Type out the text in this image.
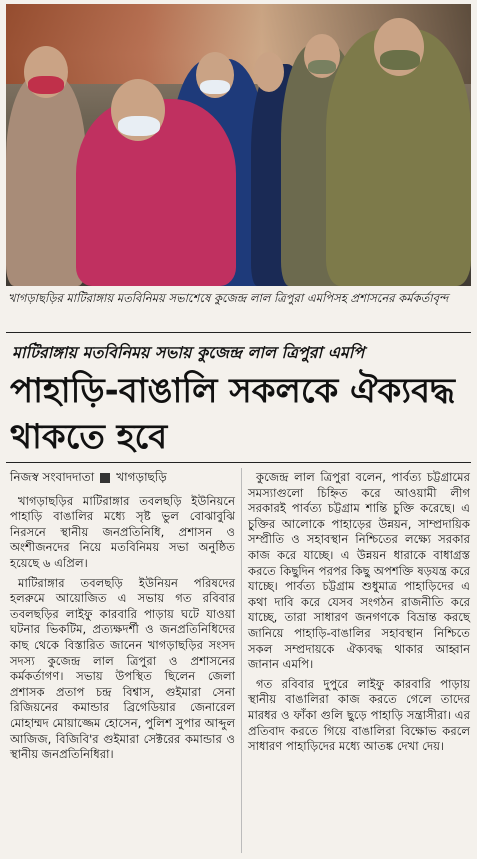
খাগড়াছড়ির মাটিরাঙ্গায় মতবিনিময় সভাশেষে কুজেন্দ্র লাল ত্রিপুরা এমপিসহ প্রশাসনের কর্মকর্তাবৃন্দ
মাটিরাঙ্গায় মতবিনিময় সভায় কুজেন্দ্র লাল ত্রিপুরা এমপি
পাহাড়ি-বাঙালি সকলকে ঐক্যবদ্ধ থাকতে হবে
নিজস্ব সংবাদদাতা খাগড়াছড়ি

খাগড়াছড়ির মাটিরাঙ্গার তবলছড়ি ইউনিয়নে পাহাড়ি বাঙালির মধ্যে সৃষ্ট ভুল বোঝাবুঝি নিরসনে স্থানীয় জনপ্রতিনিধি, প্রশাসন ও অংশীজনদের নিয়ে মতবিনিময় সভা অনুষ্ঠিত হয়েছে ৬ এপ্রিল।

মাটিরাঙ্গার তবলছড়ি ইউনিয়ন পরিষদের হলরুমে আয়োজিত এ সভায় গত রবিবার তবলছড়ির লাইফু কারবারি পাড়ায় ঘটে যাওয়া ঘটনার ভিকটিম, প্রত্যক্ষদর্শী ও জনপ্রতিনিধিদের কাছ থেকে বিস্তারিত জানেন খাগড়াছড়ির সংসদ সদস্য কুজেন্দ্র লাল ত্রিপুরা ও প্রশাসনের কর্মকর্তাগণ। সভায় উপস্থিত ছিলেন জেলা প্রশাসক প্রতাপ চন্দ্র বিশ্বাস, গুইমারা সেনা রিজিয়নের কমান্ডার ব্রিগেডিয়ার জেনারেল মোহাম্মদ মোয়াজ্জেম হোসেন, পুলিশ সুপার আব্দুল আজিজ, বিজিবি'র গুইমারা সেক্টরের কমান্ডার ও স্থানীয় জনপ্রতিনিধিরা।

কুজেন্দ্র লাল ত্রিপুরা বলেন, পার্বত্য চট্টগ্রামের সমস্যাগুলো চিহ্নিত করে আওয়ামী লীগ সরকারই পার্বত্য চট্টগ্রাম শান্তি চুক্তি করেছে। এ চুক্তির আলোকে পাহাড়ের উন্নয়ন, সাম্প্রদায়িক সম্প্রীতি ও সহাবস্থান নিশ্চিতের লক্ষ্যে সরকার কাজ করে যাচ্ছে। এ উন্নয়ন ধারাকে বাধাগ্রস্ত করতে কিছুদিন পরপর কিছু অপশক্তি ষড়যন্ত্র করে যাচ্ছে। পার্বত্য চট্টগ্রাম শুধুমাত্র পাহাড়িদের এ কথা দাবি করে যেসব সংগঠন রাজনীতি করে যাচ্ছে, তারা সাধারণ জনগণকে বিভ্রান্ত করছে জানিয়ে পাহাড়ি-বাঙালির সহাবস্থান নিশ্চিতে সকল সম্প্রদায়কে ঐক্যবদ্ধ থাকার আহ্বান জানান এমপি।

গত রবিবার দুপুরে লাইফু কারবারি পাড়ায় স্থানীয় বাঙালিরা কাজ করতে গেলে তাদের মারধর ও ফাঁকা গুলি ছুড়ে পাহাড়ি সন্ত্রাসীরা। এর প্রতিবাদ করতে গিয়ে বাঙালিরা বিক্ষোভ করলে সাধারণ পাহাড়িদের মধ্যে আতঙ্ক দেখা দেয়।
